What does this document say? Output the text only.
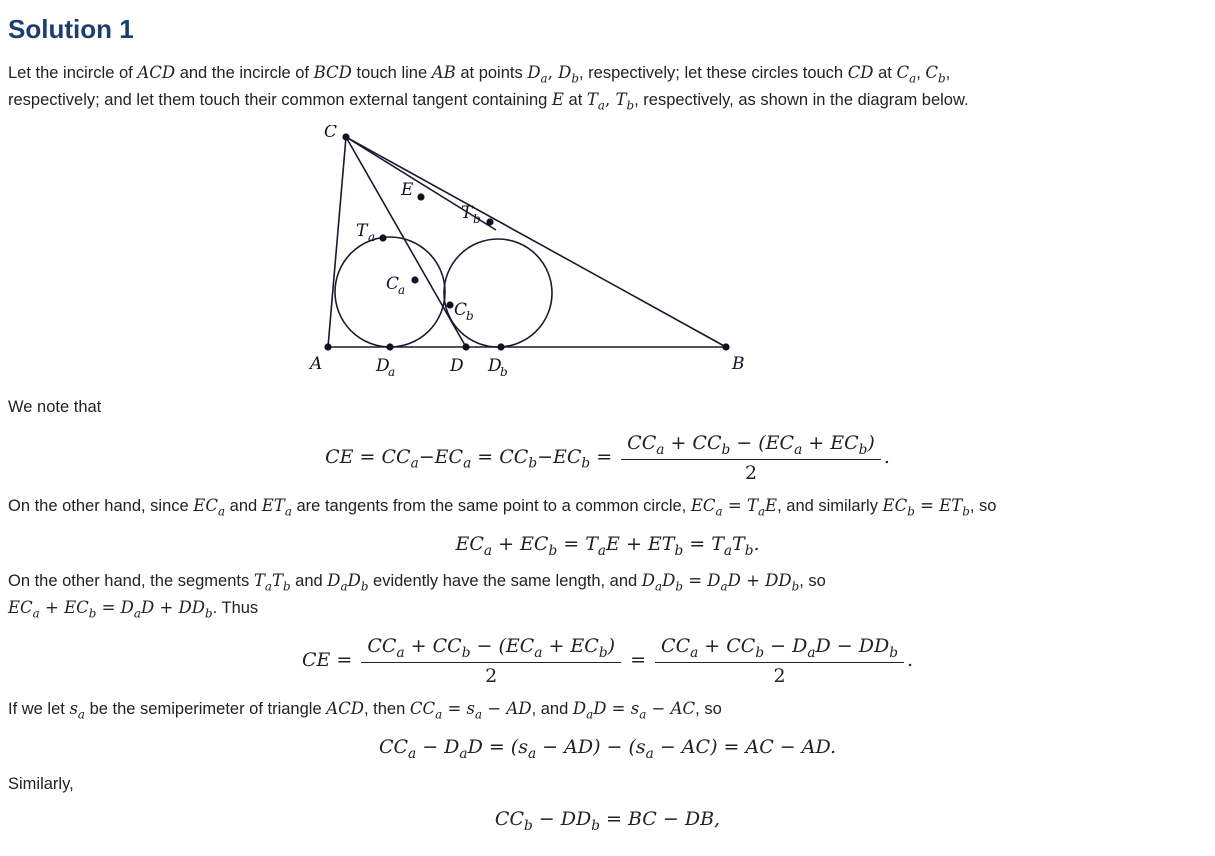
Solution 1

Let the incircle of ACD and the incircle of BCD touch line AB at points $D_a$, $D_b$, respectively; let these circles touch CD at $C_a$, $C_b$,
respectively; and let them touch their common external tangent containing E at $T_a$, $T_b$, respectively, as shown in the diagram below.

C
A	B
D
E
T a
T b
C
a
C
b
D
a	D
b

We note that

CE = $CC_a-EC_a = CC_b-EC_b = \frac{CC_a + CC_b - (EC_a + EC_b)}{2}$ .

On the other hand, since $EC_a$ and $ET_a$ are tangents from the same point to a common circle, $EC_a = T_aE$, and similarly $EC_b = ET_b$, so

$EC_a + EC_b = T_aE + ET_b = T_aT_b$.

On the other hand, the segments $T_aT_b$ and $D_aD_b$ evidently have the same length, and $D_aD_b = D_aD + DD_b$, so
$EC_a + EC_b = D_aD + DD_b$. Thus

CE = $\frac{CC_a + CC_b - (EC_a + EC_b)}{2} = \frac{CC_a + CC_b - D_aD - DD_b}{2}$ .

If we let $s_a$ be the semiperimeter of triangle ACD, then $CC_a = s_a$ − AD, and $D_aD = s_a$ − AC, so

$CC_a - D_aD = (s_a - AD) - (s_a - AC)$ = AC − AD.

Similarly,

$CC_b - DD_b$ = BC − DB,
